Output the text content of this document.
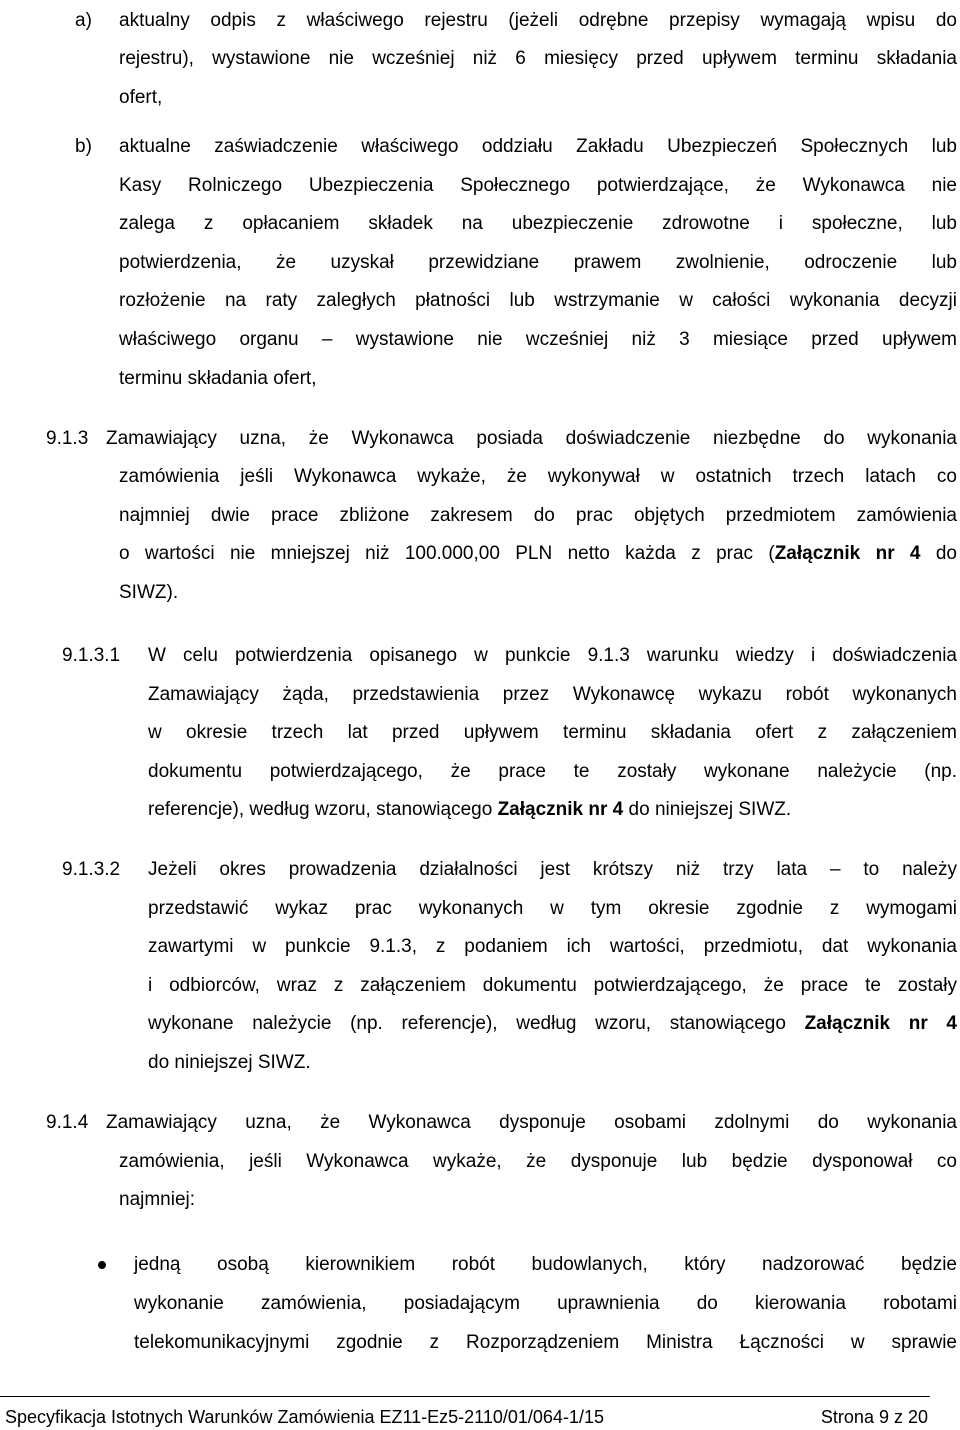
a) aktualny odpis z właściwego rejestru (jeżeli odrębne przepisy wymagają wpisu do
rejestru), wystawione nie wcześniej niż 6 miesięcy przed upływem terminu składania
ofert,
b) aktualne zaświadczenie właściwego oddziału Zakładu Ubezpieczeń Społecznych lub
Kasy Rolniczego Ubezpieczenia Społecznego potwierdzające, że Wykonawca nie
zalega z opłacaniem składek na ubezpieczenie zdrowotne i społeczne, lub
potwierdzenia, że uzyskał przewidziane prawem zwolnienie, odroczenie lub
rozłożenie na raty zaległych płatności lub wstrzymanie w całości wykonania decyzji
właściwego organu – wystawione nie wcześniej niż 3 miesiące przed upływem
terminu składania ofert,
9.1.3 Zamawiający uzna, że Wykonawca posiada doświadczenie niezbędne do wykonania
zamówienia jeśli Wykonawca wykaże, że wykonywał w ostatnich trzech latach co
najmniej dwie prace zbliżone zakresem do prac objętych przedmiotem zamówienia
o wartości nie mniejszej niż 100.000,00 PLN netto każda z prac (Załącznik nr 4 do
SIWZ).
9.1.3.1 W celu potwierdzenia opisanego w punkcie 9.1.3 warunku wiedzy i doświadczenia
Zamawiający żąda, przedstawienia przez Wykonawcę wykazu robót wykonanych
w okresie trzech lat przed upływem terminu składania ofert z załączeniem
dokumentu potwierdzającego, że prace te zostały wykonane należycie (np.
referencje), według wzoru, stanowiącego Załącznik nr 4 do niniejszej SIWZ.
9.1.3.2 Jeżeli okres prowadzenia działalności jest krótszy niż trzy lata – to należy
przedstawić wykaz prac wykonanych w tym okresie zgodnie z wymogami
zawartymi w punkcie 9.1.3, z podaniem ich wartości, przedmiotu, dat wykonania
i odbiorców, wraz z załączeniem dokumentu potwierdzającego, że prace te zostały
wykonane należycie (np. referencje), według wzoru, stanowiącego Załącznik nr 4
do niniejszej SIWZ.
9.1.4 Zamawiający uzna, że Wykonawca dysponuje osobami zdolnymi do wykonania
zamówienia, jeśli Wykonawca wykaże, że dysponuje lub będzie dysponował co
najmniej:
jedną osobą kierownikiem robót budowlanych, który nadzorować będzie
wykonanie zamówienia, posiadającym uprawnienia do kierowania robotami
telekomunikacyjnymi zgodnie z Rozporządzeniem Ministra Łączności w sprawie
Specyfikacja Istotnych Warunków Zamówienia EZ11-Ez5-2110/01/064-1/15	Strona 9 z 20
